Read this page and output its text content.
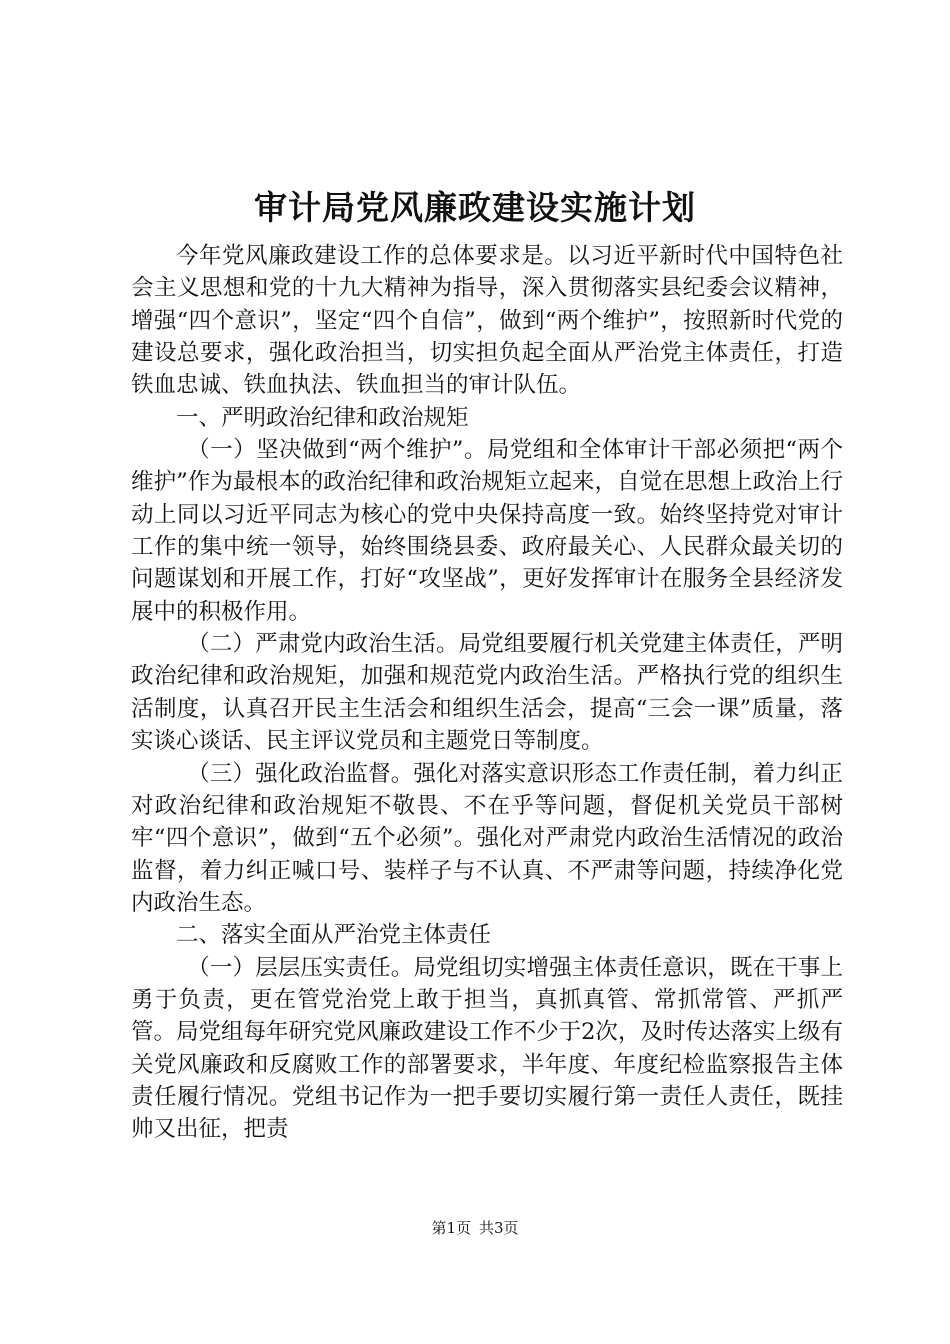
审计局党风廉政建设实施计划

今年党风廉政建设工作的总体要求是。以习近平新时代中国特色社会主义思想和党的十九大精神为指导，深入贯彻落实县纪委会议精神，增强“四个意识”，坚定“四个自信”，做到“两个维护”，按照新时代党的建设总要求，强化政治担当，切实担负起全面从严治党主体责任，打造铁血忠诚、铁血执法、铁血担当的审计队伍。

一、严明政治纪律和政治规矩

（一）坚决做到“两个维护”。局党组和全体审计干部必须把“两个维护”作为最根本的政治纪律和政治规矩立起来，自觉在思想上政治上行动上同以习近平同志为核心的党中央保持高度一致。始终坚持党对审计工作的集中统一领导，始终围绕县委、政府最关心、人民群众最关切的问题谋划和开展工作，打好“攻坚战”，更好发挥审计在服务全县经济发展中的积极作用。

（二）严肃党内政治生活。局党组要履行机关党建主体责任，严明政治纪律和政治规矩，加强和规范党内政治生活。严格执行党的组织生活制度，认真召开民主生活会和组织生活会，提高“三会一课”质量，落实谈心谈话、民主评议党员和主题党日等制度。

（三）强化政治监督。强化对落实意识形态工作责任制，着力纠正对政治纪律和政治规矩不敬畏、不在乎等问题，督促机关党员干部树牢“四个意识”，做到“五个必须”。强化对严肃党内政治生活情况的政治监督，着力纠正喊口号、装样子与不认真、不严肃等问题，持续净化党内政治生态。

二、落实全面从严治党主体责任

（一）层层压实责任。局党组切实增强主体责任意识，既在干事上勇于负责，更在管党治党上敢于担当，真抓真管、常抓常管、严抓严管。局党组每年研究党风廉政建设工作不少于2次，及时传达落实上级有关党风廉政和反腐败工作的部署要求，半年度、年度纪检监察报告主体责任履行情况。党组书记作为一把手要切实履行第一责任人责任，既挂帅又出征，把责

第1页 共3页
